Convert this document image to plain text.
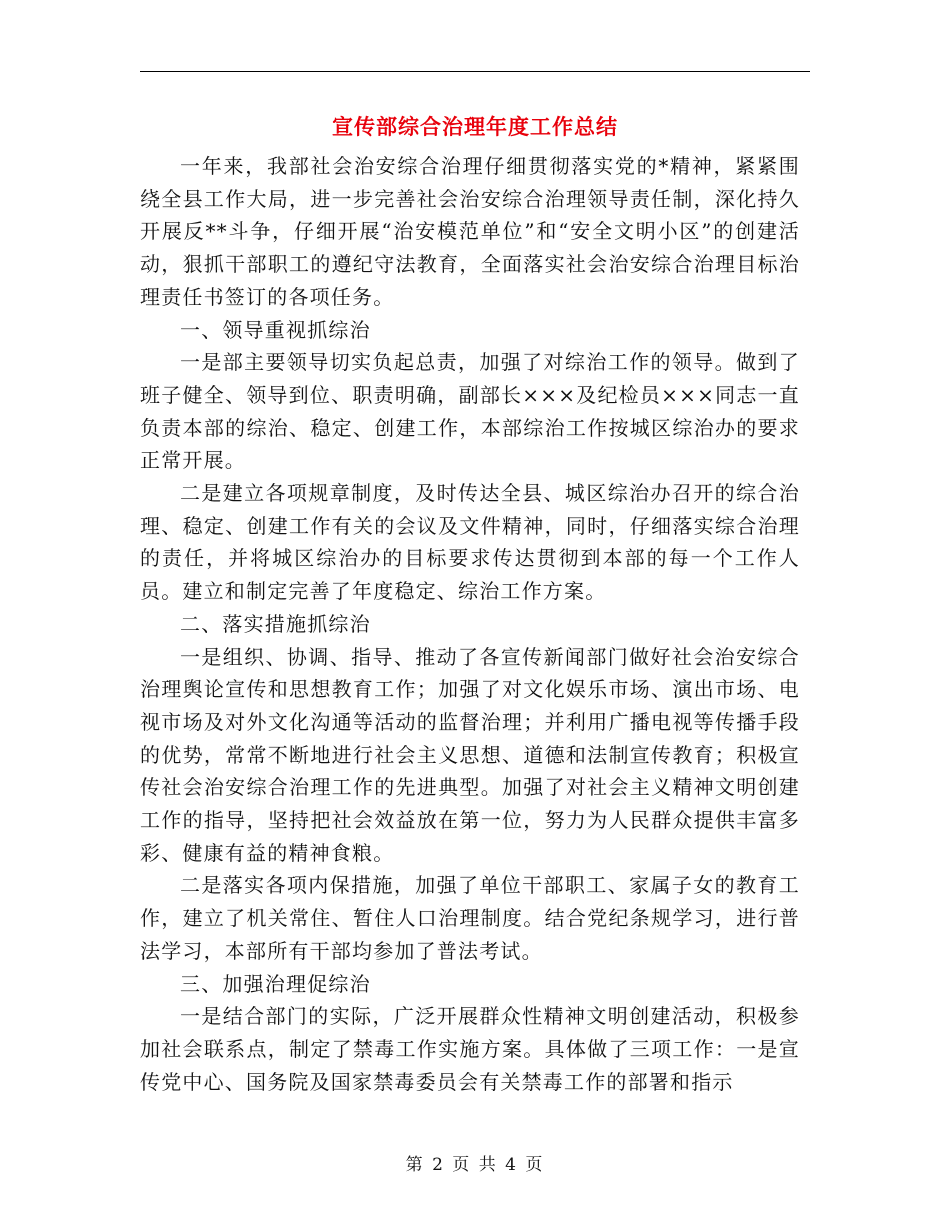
宣传部综合治理年度工作总结

一年来，我部社会治安综合治理仔细贯彻落实党的*精神，紧紧围绕全县工作大局，进一步完善社会治安综合治理领导责任制，深化持久开展反**斗争，仔细开展“治安模范单位”和“安全文明小区”的创建活动，狠抓干部职工的遵纪守法教育，全面落实社会治安综合治理目标治理责任书签订的各项任务。

一、领导重视抓综治

一是部主要领导切实负起总责，加强了对综治工作的领导。做到了班子健全、领导到位、职责明确，副部长×××及纪检员×××同志一直负责本部的综治、稳定、创建工作，本部综治工作按城区综治办的要求正常开展。

二是建立各项规章制度，及时传达全县、城区综治办召开的综合治理、稳定、创建工作有关的会议及文件精神，同时，仔细落实综合治理的责任，并将城区综治办的目标要求传达贯彻到本部的每一个工作人员。建立和制定完善了年度稳定、综治工作方案。

二、落实措施抓综治

一是组织、协调、指导、推动了各宣传新闻部门做好社会治安综合治理舆论宣传和思想教育工作；加强了对文化娱乐市场、演出市场、电视市场及对外文化沟通等活动的监督治理；并利用广播电视等传播手段的优势，常常不断地进行社会主义思想、道德和法制宣传教育；积极宣传社会治安综合治理工作的先进典型。加强了对社会主义精神文明创建工作的指导，坚持把社会效益放在第一位，努力为人民群众提供丰富多彩、健康有益的精神食粮。

二是落实各项内保措施，加强了单位干部职工、家属子女的教育工作，建立了机关常住、暂住人口治理制度。结合党纪条规学习，进行普法学习，本部所有干部均参加了普法考试。

三、加强治理促综治

一是结合部门的实际，广泛开展群众性精神文明创建活动，积极参加社会联系点，制定了禁毒工作实施方案。具体做了三项工作：一是宣传党中心、国务院及国家禁毒委员会有关禁毒工作的部署和指示

第 2 页 共 4 页
